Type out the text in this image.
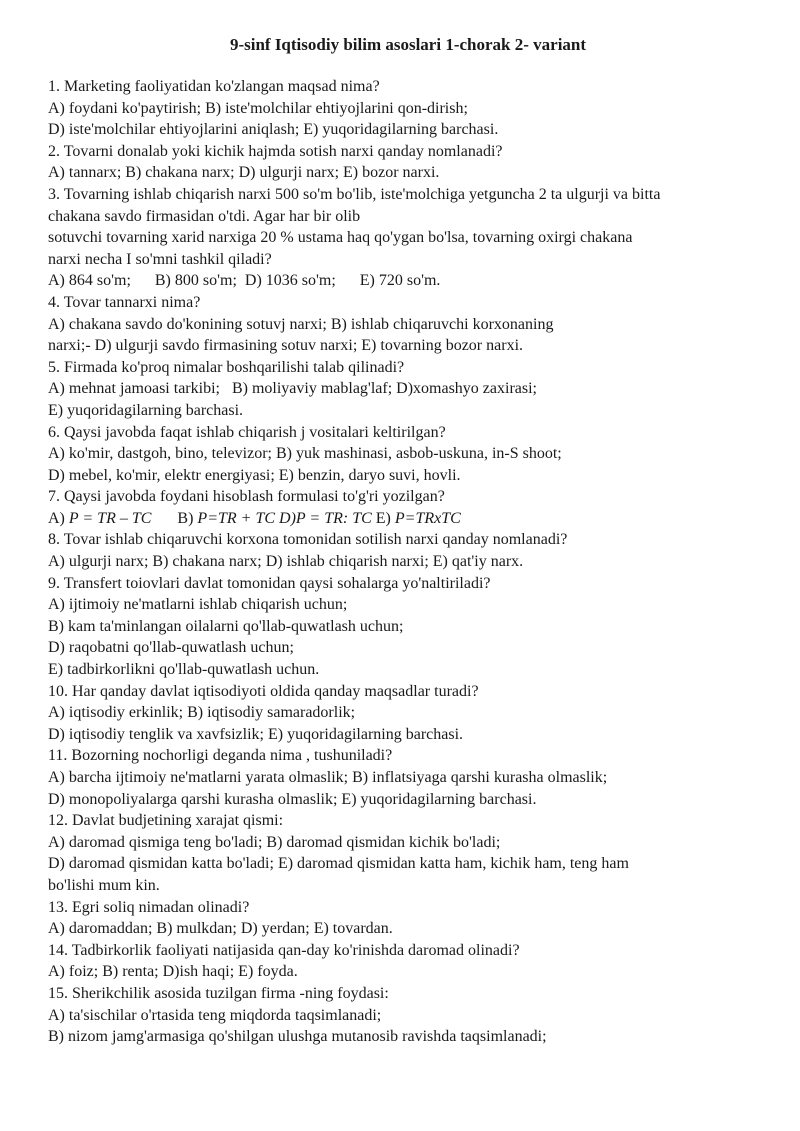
9-sinf Iqtisodiy bilim asoslari 1-chorak 2- variant
1. Marketing faoliyatidan ko'zlangan maqsad nima?
A) foydani ko'paytirish; B) iste'molchilar ehtiyojlarini qon-dirish;
D) iste'molchilar ehtiyojlarini aniqlash; E) yuqoridagilarning barchasi.
2. Tovarni donalab yoki kichik hajmda sotish narxi qanday nomlanadi?
A) tannarx; B) chakana narx; D) ulgurji narx; E) bozor narxi.
3. Tovarning ishlab chiqarish narxi 500 so'm bo'lib, iste'molchiga yetguncha 2 ta ulgurji va bitta
chakana savdo firmasidan o'tdi. Agar har bir olib
sotuvchi tovarning xarid narxiga 20 % ustama haq qo'ygan bo'lsa, tovarning oxirgi chakana
narxi necha I so'mni tashkil qiladi?
A) 864 so'm;      B) 800 so'm;  D) 1036 so'm;      E) 720 so'm.
4. Tovar tannarxi nima?
A) chakana savdo do'konining sotuvj narxi; B) ishlab chiqaruvchi korxonaning
narxi;- D) ulgurji savdo firmasining sotuv narxi; E) tovarning bozor narxi.
5. Firmada ko'proq nimalar boshqarilishi talab qilinadi?
A) mehnat jamoasi tarkibi;   B) moliyaviy mablag'laf; D)xomashyo zaxirasi;
E) yuqoridagilarning barchasi.
6. Qaysi javobda faqat ishlab chiqarish j vositalari keltirilgan?
A) ko'mir, dastgoh, bino, televizor; B) yuk mashinasi, asbob-uskuna, in-S shoot;
D) mebel, ko'mir, elektr energiyasi; E) benzin, daryo suvi, hovli.
7. Qaysi javobda foydani hisoblash formulasi to'g'ri yozilgan?
A) P = TR – TC B) P=TR + TC D)P = TR: TC E) P=TRxTC
8. Tovar ishlab chiqaruvchi korxona tomonidan sotilish narxi qanday nomlanadi?
A) ulgurji narx; B) chakana narx; D) ishlab chiqarish narxi; E) qat'iy narx.
9. Transfert toiovlari davlat tomonidan qaysi sohalarga yo'naltiriladi?
A) ijtimoiy ne'matlarni ishlab chiqarish uchun;
B) kam ta'minlangan oilalarni qo'llab-quwatlash uchun;
D) raqobatni qo'llab-quwatlash uchun;
E) tadbirkorlikni qo'llab-quwatlash uchun.
10. Har qanday davlat iqtisodiyoti oldida qanday maqsadlar turadi?
A) iqtisodiy erkinlik; B) iqtisodiy samaradorlik;
D) iqtisodiy tenglik va xavfsizlik; E) yuqoridagilarning barchasi.
11. Bozorning nochorligi deganda nima , tushuniladi?
A) barcha ijtimoiy ne'matlarni yarata olmaslik; B) inflatsiyaga qarshi kurasha olmaslik;
D) monopoliyalarga qarshi kurasha olmaslik; E) yuqoridagilarning barchasi.
12. Davlat budjetining xarajat qismi:
A) daromad qismiga teng bo'ladi; B) daromad qismidan kichik bo'ladi;
D) daromad qismidan katta bo'ladi; E) daromad qismidan katta ham, kichik ham, teng ham
bo'lishi mum kin.
13. Egri soliq nimadan olinadi?
A) daromaddan; B) mulkdan; D) yerdan; E) tovardan.
14. Tadbirkorlik faoliyati natijasida qan-day ko'rinishda daromad olinadi?
A) foiz; B) renta; D)ish haqi; E) foyda.
15. Sherikchilik asosida tuzilgan firma -ning foydasi:
A) ta'sischilar o'rtasida teng miqdorda taqsimlanadi;
B) nizom jamg'armasiga qo'shilgan ulushga mutanosib ravishda taqsimlanadi;
